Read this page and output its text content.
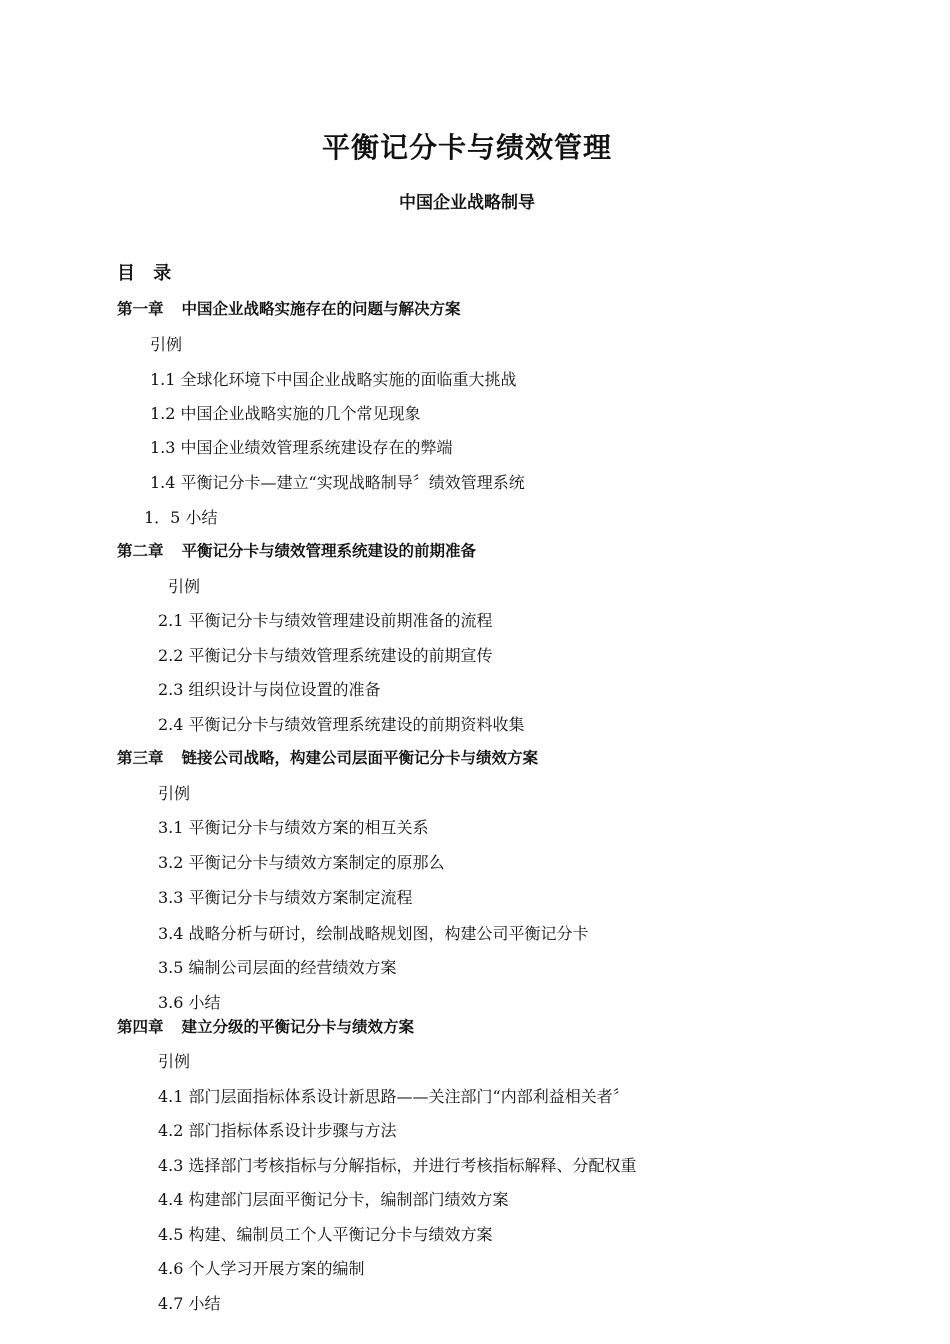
平衡记分卡与绩效管理
中国企业战略制导
目 录
第一章 中国企业战略实施存在的问题与解决方案
引例
1.1 全球化环境下中国企业战略实施的面临重大挑战
1.2 中国企业战略实施的几个常见现象
1.3 中国企业绩效管理系统建设存在的弊端
1.4 平衡记分卡—建立“实现战略制导〞绩效管理系统
1．5 小结
第二章 平衡记分卡与绩效管理系统建设的前期准备
引例
2.1 平衡记分卡与绩效管理建设前期准备的流程
2.2 平衡记分卡与绩效管理系统建设的前期宣传
2.3 组织设计与岗位设置的准备
2.4 平衡记分卡与绩效管理系统建设的前期资料收集
第三章 链接公司战略，构建公司层面平衡记分卡与绩效方案
引例
3.1 平衡记分卡与绩效方案的相互关系
3.2 平衡记分卡与绩效方案制定的原那么
3.3 平衡记分卡与绩效方案制定流程
3.4 战略分析与研讨，绘制战略规划图，构建公司平衡记分卡
3.5 编制公司层面的经营绩效方案
3.6 小结
第四章 建立分级的平衡记分卡与绩效方案
引例
4.1 部门层面指标体系设计新思路——关注部门“内部利益相关者〞
4.2 部门指标体系设计步骤与方法
4.3 选择部门考核指标与分解指标，并进行考核指标解释、分配权重
4.4 构建部门层面平衡记分卡，编制部门绩效方案
4.5 构建、编制员工个人平衡记分卡与绩效方案
4.6 个人学习开展方案的编制
4.7 小结
